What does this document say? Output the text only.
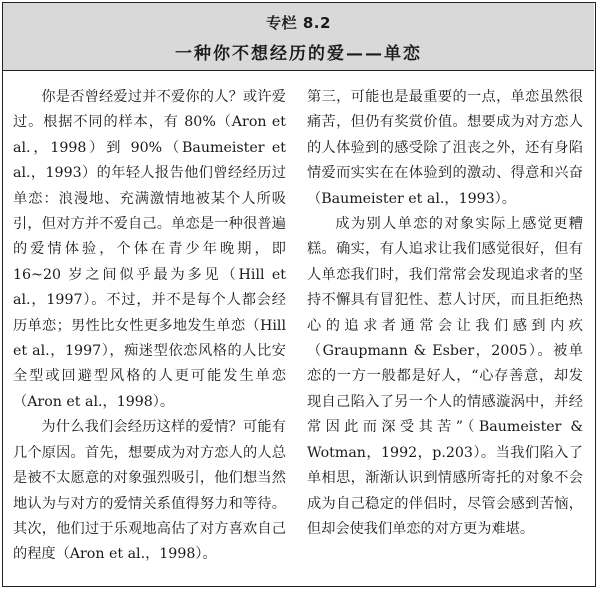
专栏 8.2
一种你不想经历的爱——单恋

你是否曾经爱过并不爱你的人？或许爱过。根据不同的样本，有 80%（Aron et al.，1998）到 90%（Baumeister et al.，1993）的年轻人报告他们曾经经历过单恋：浪漫地、充满激情地被某个人所吸引，但对方并不爱自己。单恋是一种很普遍的爱情体验，个体在青少年晚期，即 16~20 岁之间似乎最为多见（Hill et al.，1997）。不过，并不是每个人都会经历单恋；男性比女性更多地发生单恋（Hill et al.，1997），痴迷型依恋风格的人比安全型或回避型风格的人更可能发生单恋（Aron et al.，1998）。

为什么我们会经历这样的爱情？可能有几个原因。首先，想要成为对方恋人的人总是被不太愿意的对象强烈吸引，他们想当然地认为与对方的爱情关系值得努力和等待。其次，他们过于乐观地高估了对方喜欢自己的程度（Aron et al.，1998）。

第三，可能也是最重要的一点，单恋虽然很痛苦，但仍有奖赏价值。想要成为对方恋人的人体验到的感受除了沮丧之外，还有身陷情爱而实实在在体验到的激动、得意和兴奋（Baumeister et al.，1993）。

成为别人单恋的对象实际上感觉更糟糕。确实，有人追求让我们感觉很好，但有人单恋我们时，我们常常会发现追求者的坚持不懈具有冒犯性、惹人讨厌，而且拒绝热心的追求者通常会让我们感到内疚（Graupmann & Esber，2005）。被单恋的一方一般都是好人，“心存善意，却发现自己陷入了另一个人的情感漩涡中，并经常因此而深受其苦”（Baumeister & Wotman，1992，p.203）。当我们陷入了单相思，渐渐认识到情感所寄托的对象不会成为自己稳定的伴侣时，尽管会感到苦恼，但却会使我们单恋的对方更为难堪。
